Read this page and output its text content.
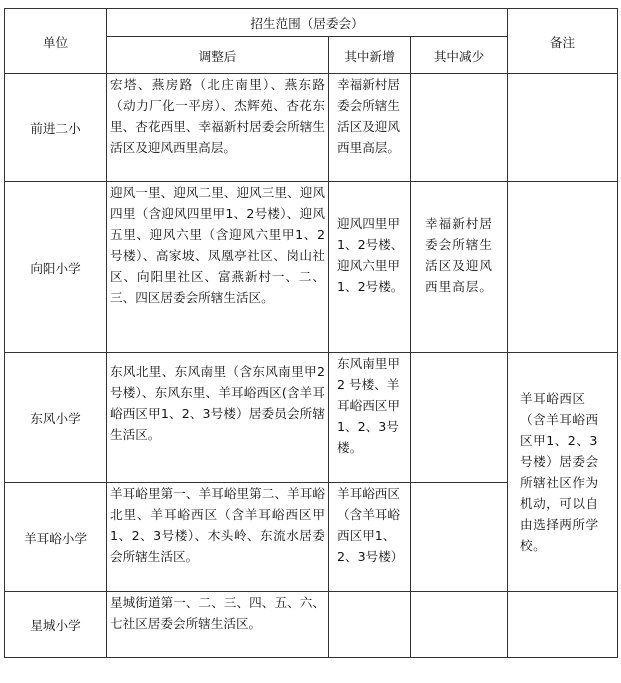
单位	招生范围（居委会）			备注
	调整后	其中新增	其中减少	
前进二小	宏塔、燕房路（北庄南里）、燕东路（动力厂化一平房）、杰辉苑、杏花东里、杏花西里、幸福新村居委会所辖生活区及迎风西里高层。	幸福新村居委会所辖生活区及迎风西里高层。		
向阳小学	迎风一里、迎风二里、迎风三里、迎风四里（含迎风四里甲1、2号楼）、迎风五里、迎风六里（含迎风六里甲1、2号楼）、高家坡、凤凰亭社区、岗山社区、向阳里社区、富燕新村一、二、三、四区居委会所辖生活区。	迎风四里甲1、2号楼、迎风六里甲1、2号楼。	幸福新村居委会所辖生活区及迎风西里高层。	
东风小学	东风北里、东风南里（含东风南里甲2号楼）、东风东里、羊耳峪西区(含羊耳峪西区甲1、2、3号楼）居委员会所辖生活区。	东风南里甲 2 号楼、羊耳峪西区甲 1、2、3号楼。		羊耳峪西区（含羊耳峪西区甲1、2、3号楼）居委会所辖社区作为机动，可以自由选择两所学校。
羊耳峪小学	羊耳峪里第一、羊耳峪里第二、羊耳峪北里、羊耳峪西区（含羊耳峪西区甲1、2、3号楼）、木头岭、东流水居委会所辖生活区。	羊耳峪西区（含羊耳峪西区甲1、2、3号楼）		
星城小学	星城街道第一、二、三、四、五、六、七社区居委会所辖生活区。			
